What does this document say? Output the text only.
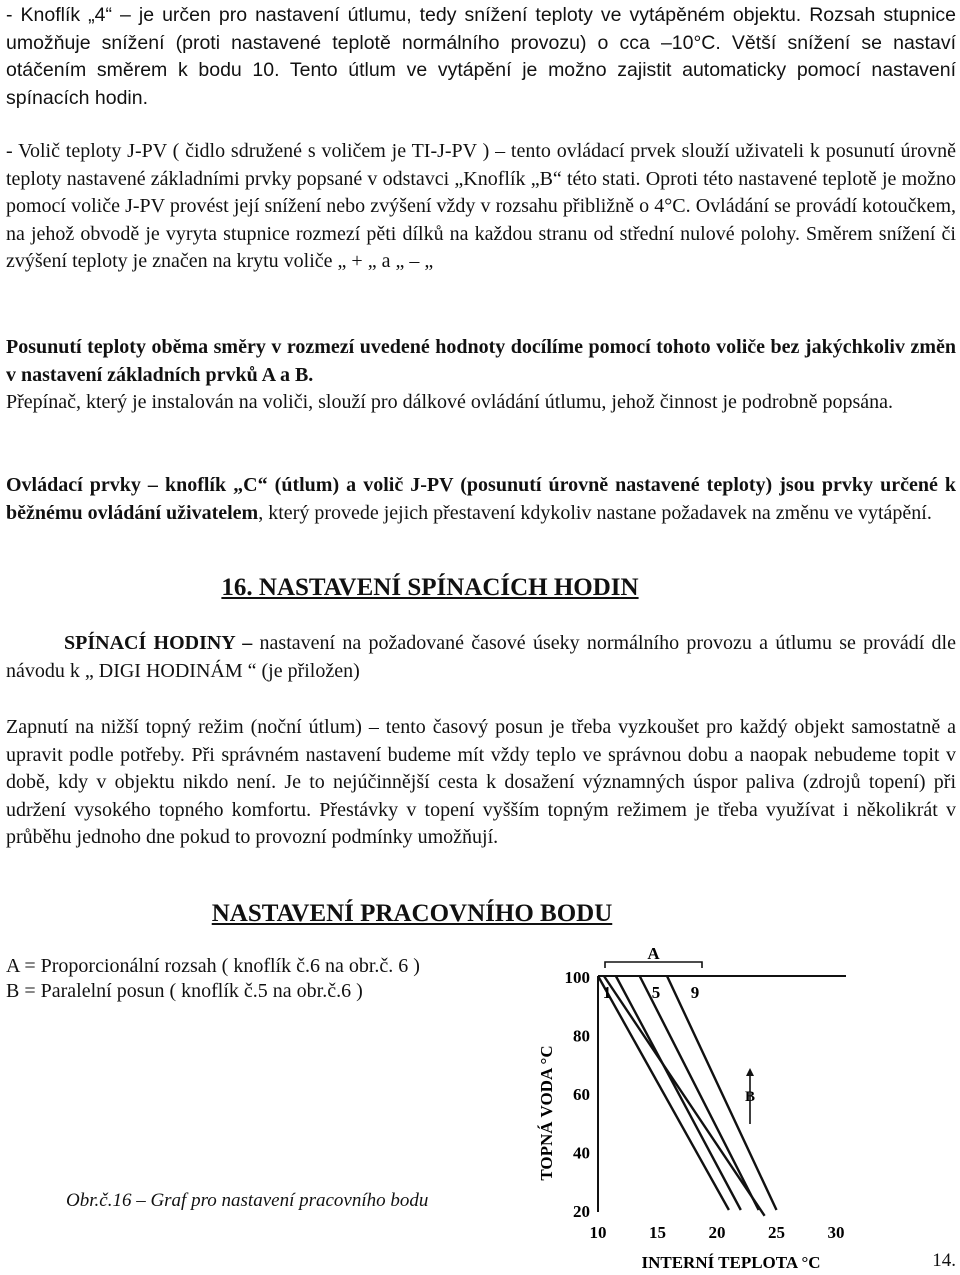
- Knoflík „4“ – je určen pro nastavení útlumu, tedy snížení teploty ve vytápěném objektu. Rozsah stupnice umožňuje snížení (proti nastavené teplotě normálního provozu) o cca –10°C. Větší snížení se nastaví otáčením směrem k bodu 10. Tento útlum ve vytápění je možno zajistit automaticky pomocí nastavení spínacích hodin.

- Volič teploty J-PV ( čidlo sdružené s voličem je TI-J-PV ) – tento ovládací prvek slouží uživateli k posunutí úrovně teploty nastavené základními prvky popsané v odstavci „Knoflík „B“ této stati. Oproti této nastavené teplotě je možno pomocí voliče J-PV provést její snížení nebo zvýšení vždy v rozsahu přibližně o 4°C. Ovládání se provádí kotoučkem, na jehož obvodě je vyryta stupnice rozmezí pěti dílků na každou stranu od střední nulové polohy. Směrem snížení či zvýšení teploty je značen na krytu voliče „ + „ a „ – „

Posunutí teploty oběma směry v rozmezí uvedené hodnoty docílíme pomocí tohoto voliče bez jakýchkoliv změn v nastavení základních prvků A a B.

Přepínač, který je instalován na voliči, slouží pro dálkové ovládání útlumu, jehož činnost je podrobně popsána.

Ovládací prvky – knoflík „C“ (útlum) a volič J-PV (posunutí úrovně nastavené teploty) jsou prvky určené k běžnému ovládání uživatelem, který provede jejich přestavení kdykoliv nastane požadavek na změnu ve vytápění.

16. NASTAVENÍ SPÍNACÍCH HODIN

SPÍNACÍ HODINY – nastavení na požadované časové úseky normálního provozu a útlumu se provádí dle návodu k „ DIGI HODINÁM “ (je přiložen)

Zapnutí na nižší topný režim (noční útlum) – tento časový posun je třeba vyzkoušet pro každý objekt samostatně a upravit podle potřeby. Při správném nastavení budeme mít vždy teplo ve správnou dobu a naopak nebudeme topit v době, kdy v objektu nikdo není. Je to nejúčinnější cesta k dosažení významných úspor paliva (zdrojů topení) při udržení vysokého topného komfortu. Přestávky v topení vyšším topným režimem je třeba využívat i několikrát v průběhu jednoho dne pokud to provozní podmínky umožňují.

NASTAVENÍ PRACOVNÍHO BODU

A = Proporcionální rozsah ( knoflík č.6 na obr.č. 6 )

B = Paralelní posun ( knoflík č.5 na obr.č.6 )

20
40
60
80
100
10	15	20	25	30
A
1 5 9
B
INTERNÍ TEPLOTA °C
TOPNÁ VODA °C

Obr.č.16 – Graf pro nastavení pracovního bodu

14.
